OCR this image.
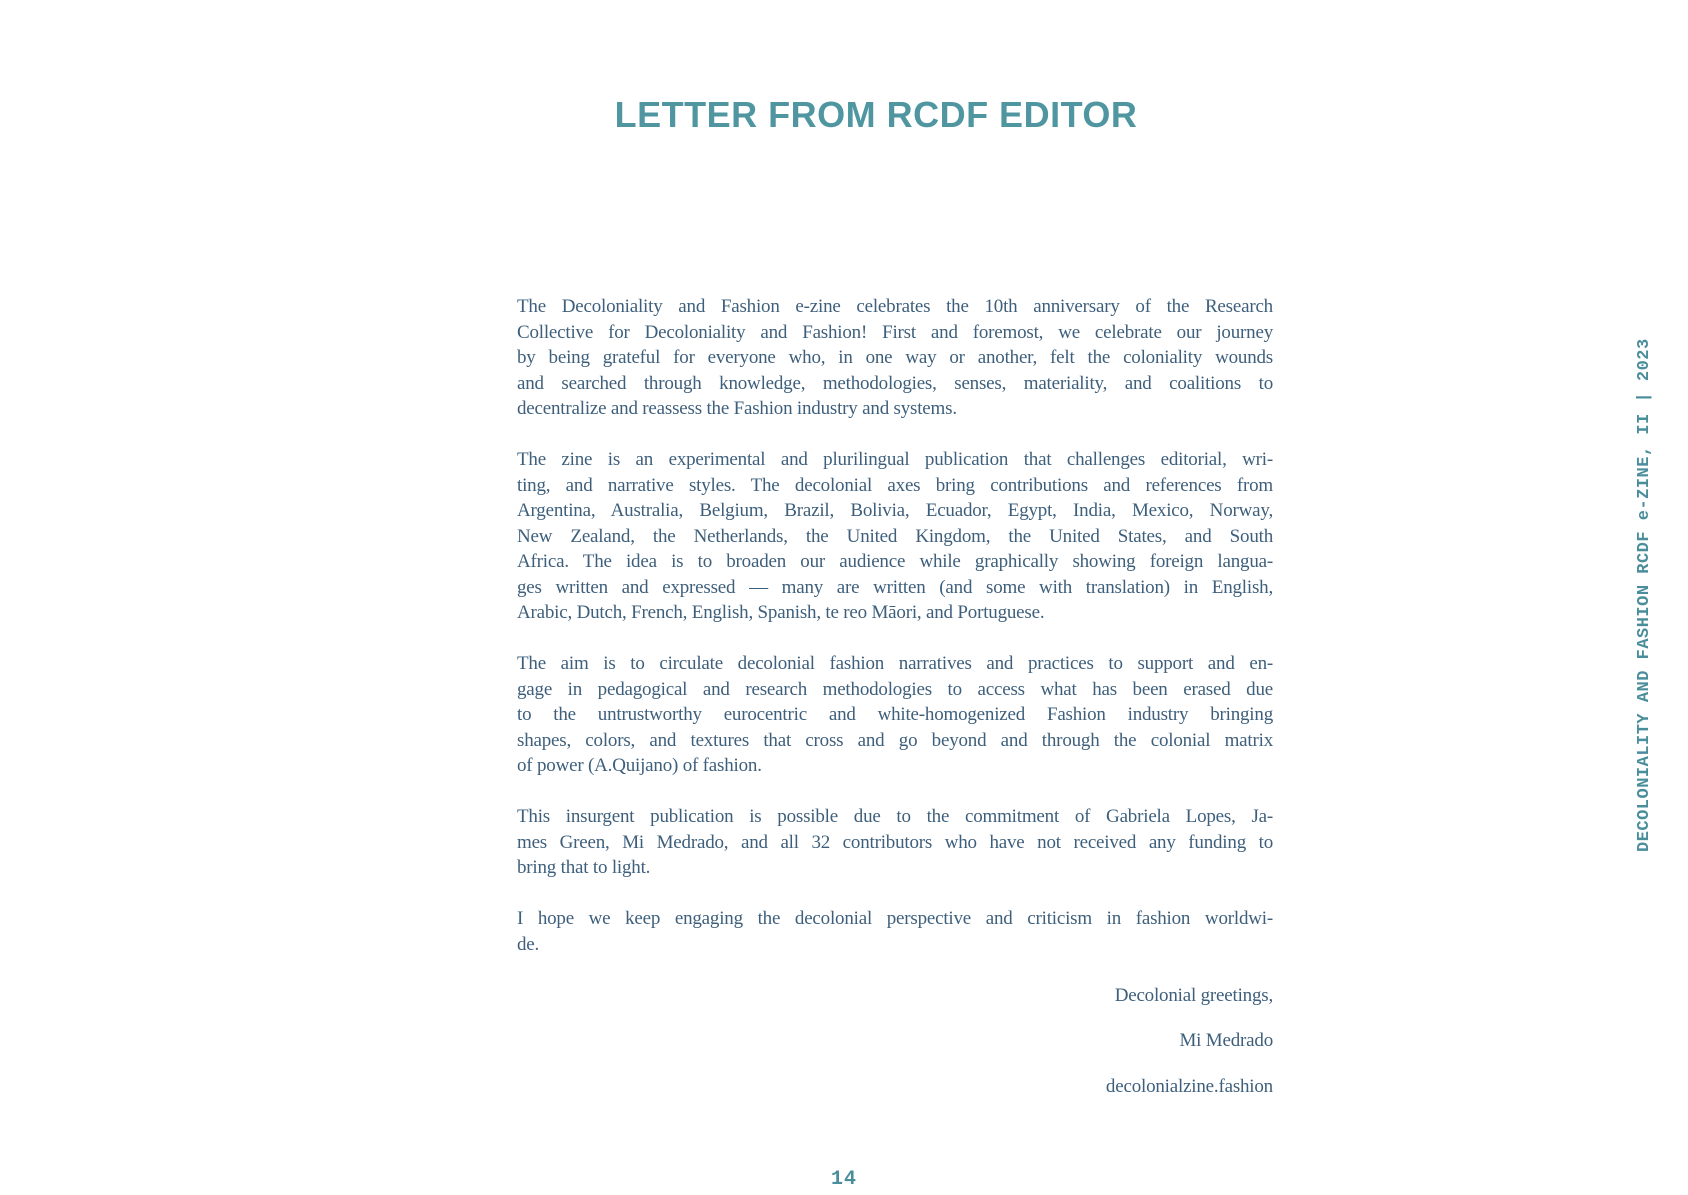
LETTER FROM RCDF EDITOR
The Decoloniality and Fashion e-zine celebrates the 10th anniversary of the Research
Collective for Decoloniality and Fashion! First and foremost, we celebrate our journey
by being grateful for everyone who, in one way or another, felt the coloniality wounds
and searched through knowledge, methodologies, senses, materiality, and coalitions to
decentralize and reassess the Fashion industry and systems.
The zine is an experimental and plurilingual publication that challenges editorial, wri-
ting, and narrative styles. The decolonial axes bring contributions and references from
Argentina, Australia, Belgium, Brazil, Bolivia, Ecuador, Egypt, India, Mexico, Norway,
New Zealand, the Netherlands, the United Kingdom, the United States, and South
Africa. The idea is to broaden our audience while graphically showing foreign langua-
ges written and expressed — many are written (and some with translation) in English,
Arabic, Dutch, French, English, Spanish, te reo Māori, and Portuguese.
The aim is to circulate decolonial fashion narratives and practices to support and en-
gage in pedagogical and research methodologies to access what has been erased due
to the untrustworthy eurocentric and white-homogenized Fashion industry bringing
shapes, colors, and textures that cross and go beyond and through the colonial matrix
of power (A.Quijano) of fashion.
This insurgent publication is possible due to the commitment of Gabriela Lopes, Ja-
mes Green, Mi Medrado, and all 32 contributors who have not received any funding to
bring that to light.
I hope we keep engaging the decolonial perspective and criticism in fashion worldwi-
de.
Decolonial greetings,
Mi Medrado
decolonialzine.fashion
DECOLONIALITY AND FASHION RCDF e-ZINE, II | 2023
14
